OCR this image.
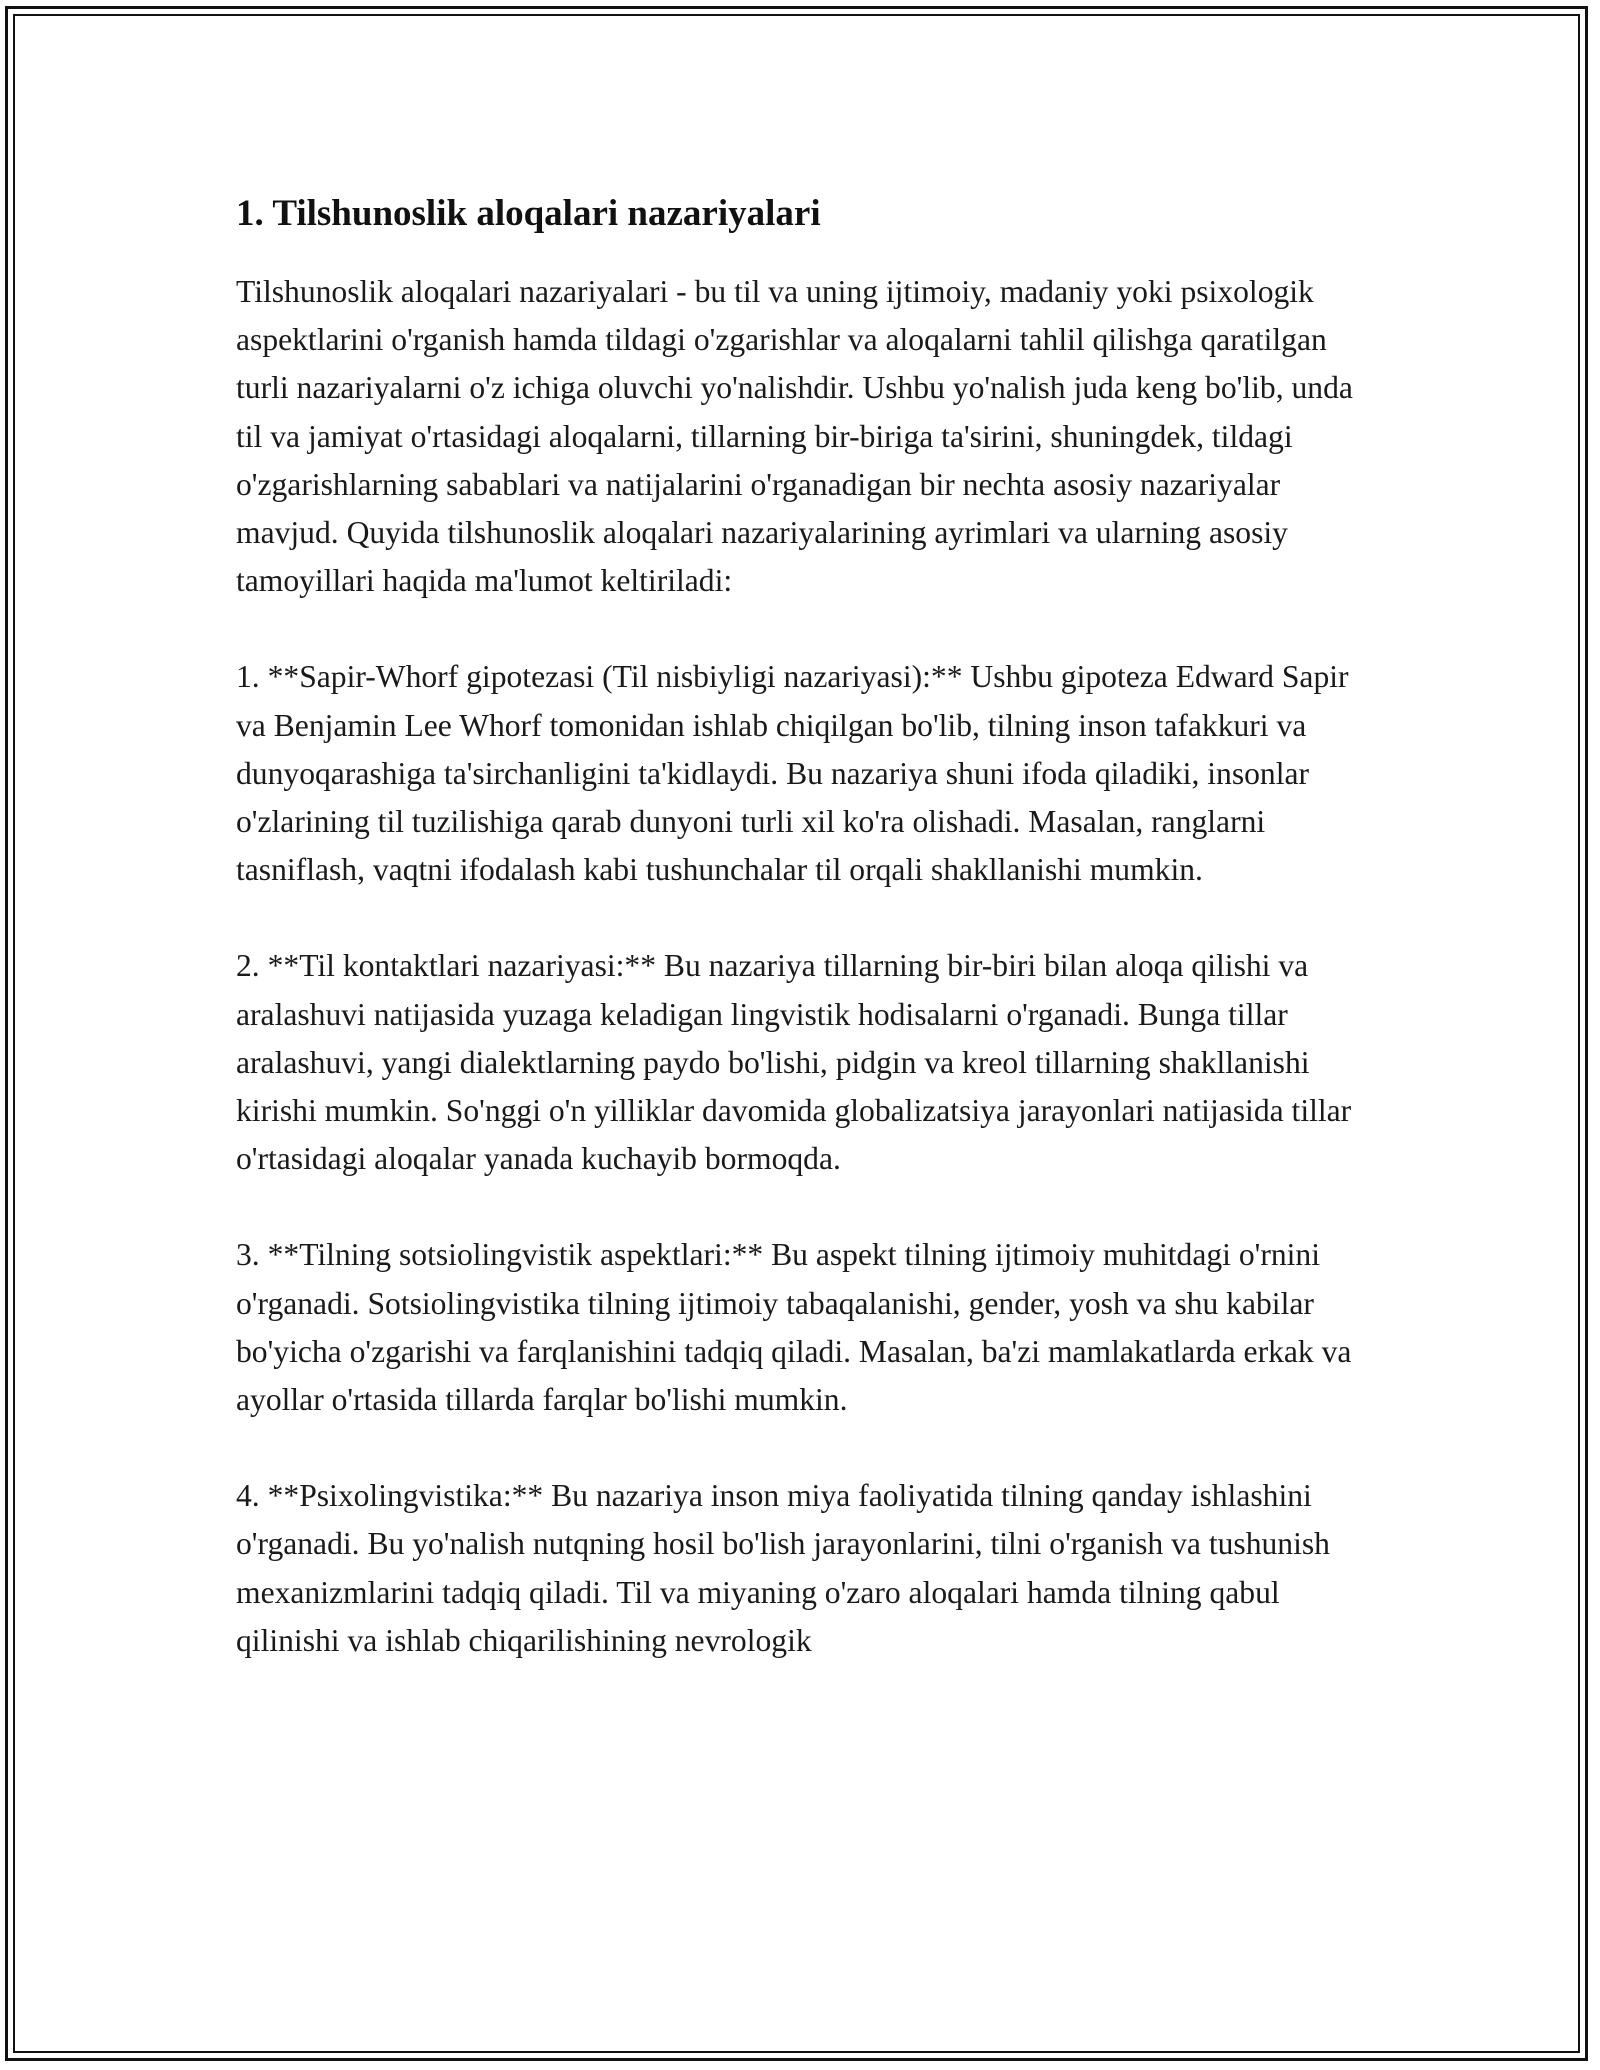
1. Tilshunoslik aloqalari nazariyalari

Tilshunoslik aloqalari nazariyalari - bu til va uning ijtimoiy, madaniy yoki psixologik aspektlarini o'rganish hamda tildagi o'zgarishlar va aloqalarni tahlil qilishga qaratilgan turli nazariyalarni o'z ichiga oluvchi yo'nalishdir. Ushbu yo'nalish juda keng bo'lib, unda til va jamiyat o'rtasidagi aloqalarni, tillarning bir-biriga ta'sirini, shuningdek, tildagi o'zgarishlarning sabablari va natijalarini o'rganadigan bir nechta asosiy nazariyalar mavjud. Quyida tilshunoslik aloqalari nazariyalarining ayrimlari va ularning asosiy tamoyillari haqida ma'lumot keltiriladi:

1. **Sapir-Whorf gipotezasi (Til nisbiyligi nazariyasi):** Ushbu gipoteza Edward Sapir va Benjamin Lee Whorf tomonidan ishlab chiqilgan bo'lib, tilning inson tafakkuri va dunyoqarashiga ta'sirchanligini ta'kidlaydi. Bu nazariya shuni ifoda qiladiki, insonlar o'zlarining til tuzilishiga qarab dunyoni turli xil ko'ra olishadi. Masalan, ranglarni tasniflash, vaqtni ifodalash kabi tushunchalar til orqali shakllanishi mumkin.

2. **Til kontaktlari nazariyasi:** Bu nazariya tillarning bir-biri bilan aloqa qilishi va aralashuvi natijasida yuzaga keladigan lingvistik hodisalarni o'rganadi. Bunga tillar aralashuvi, yangi dialektlarning paydo bo'lishi, pidgin va kreol tillarning shakllanishi kirishi mumkin. So'nggi o'n yilliklar davomida globalizatsiya jarayonlari natijasida tillar o'rtasidagi aloqalar yanada kuchayib bormoqda.

3. **Tilning sotsiolingvistik aspektlari:** Bu aspekt tilning ijtimoiy muhitdagi o'rnini o'rganadi. Sotsiolingvistika tilning ijtimoiy tabaqalanishi, gender, yosh va shu kabilar bo'yicha o'zgarishi va farqlanishini tadqiq qiladi. Masalan, ba'zi mamlakatlarda erkak va ayollar o'rtasida tillarda farqlar bo'lishi mumkin.

4. **Psixolingvistika:** Bu nazariya inson miya faoliyatida tilning qanday ishlashini o'rganadi. Bu yo'nalish nutqning hosil bo'lish jarayonlarini, tilni o'rganish va tushunish mexanizmlarini tadqiq qiladi. Til va miyaning o'zaro aloqalari hamda tilning qabul qilinishi va ishlab chiqarilishining nevrologik
